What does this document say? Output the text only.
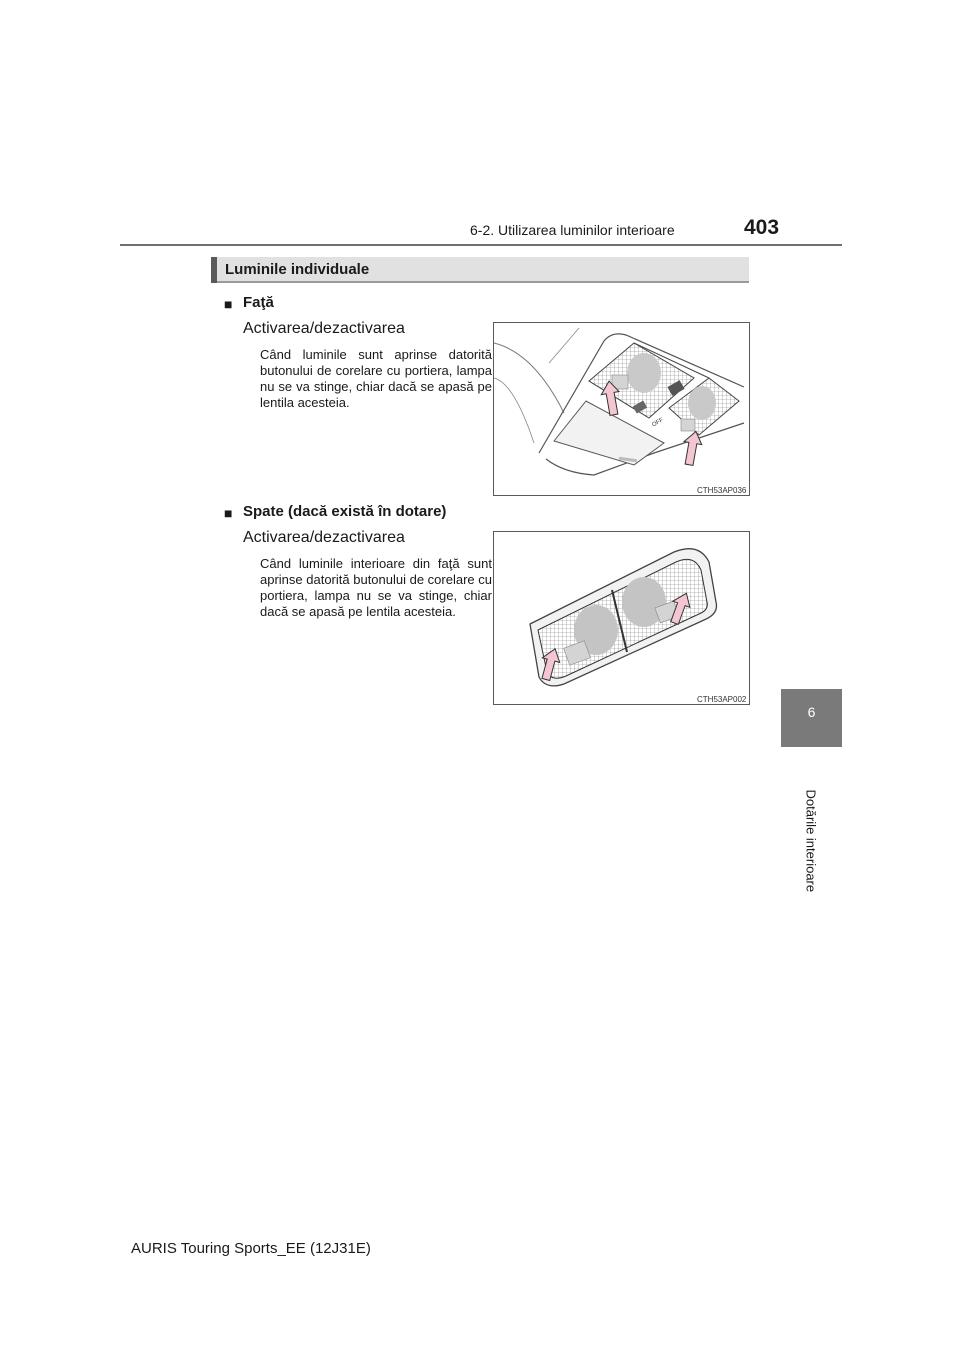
6-2. Utilizarea luminilor interioare	403
6
Dotările interioare
Luminile individuale
■ Faţă
Activarea/dezactivarea
Când luminile sunt aprinse datorită butonului de corelare cu portiera, lampa nu se va stinge, chiar dacă se apasă pe lentila acesteia.
OFF
CTH53AP036
■ Spate (dacă există în dotare)
Activarea/dezactivarea
Când luminile interioare din faţă sunt aprinse datorită butonului de corelare cu portiera, lampa nu se va stinge, chiar dacă se apasă pe lentila acesteia.
CTH53AP002
AURIS Touring Sports_EE (12J31E)
